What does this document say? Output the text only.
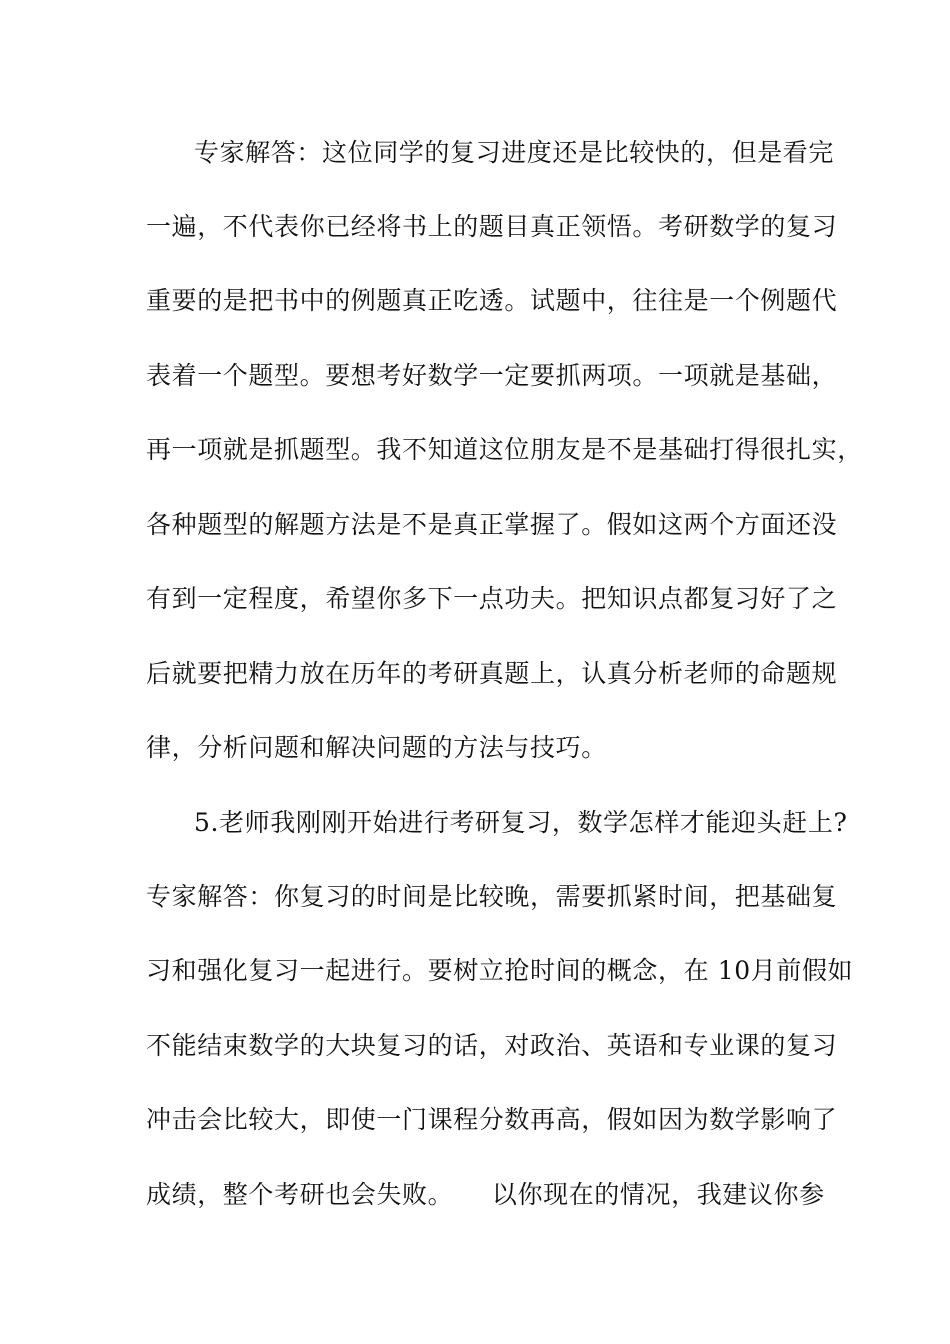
专家解答：这位同学的复习进度还是比较快的，但是看完
一遍，不代表你已经将书上的题目真正领悟。考研数学的复习
重要的是把书中的例题真正吃透。试题中，往往是一个例题代
表着一个题型。要想考好数学一定要抓两项。一项就是基础，
再一项就是抓题型。我不知道这位朋友是不是基础打得很扎实，
各种题型的解题方法是不是真正掌握了。假如这两个方面还没
有到一定程度，希望你多下一点功夫。把知识点都复习好了之
后就要把精力放在历年的考研真题上，认真分析老师的命题规
律，分析问题和解决问题的方法与技巧。
5.老师我刚刚开始进行考研复习，数学怎样才能迎头赶上?
专家解答：你复习的时间是比较晚，需要抓紧时间，把基础复
习和强化复习一起进行。要树立抢时间的概念，在 10月前假如
不能结束数学的大块复习的话，对政治、英语和专业课的复习
冲击会比较大，即使一门课程分数再高，假如因为数学影响了
成绩，整个考研也会失败。　　以你现在的情况，我建议你参
